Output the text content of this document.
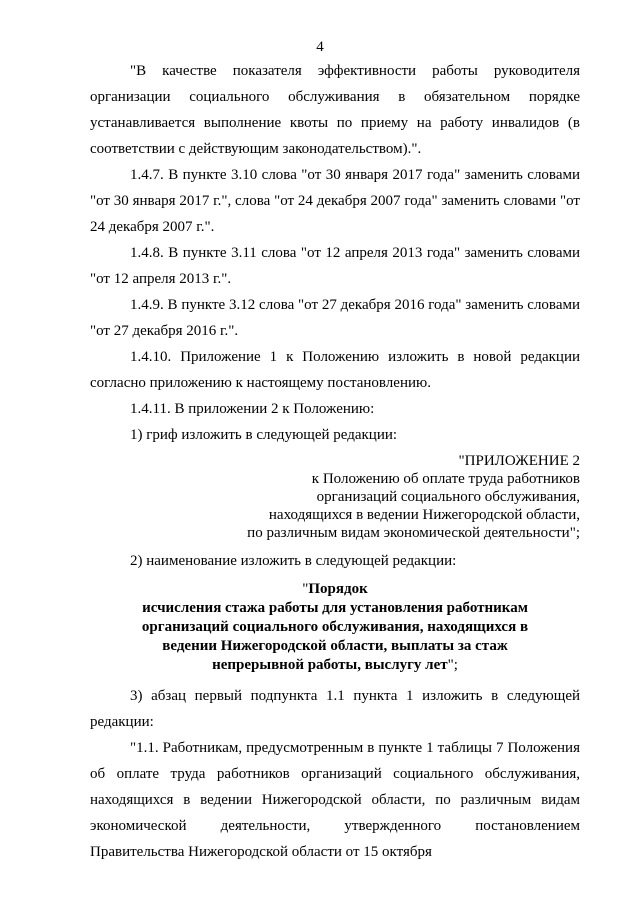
4

"В качестве показателя эффективности работы руководителя организации социального обслуживания в обязательном порядке устанавливается выполнение квоты по приему на работу инвалидов (в соответствии с действующим законодательством).".

1.4.7. В пункте 3.10 слова "от 30 января 2017 года" заменить словами "от 30 января 2017 г.", слова "от 24 декабря 2007 года" заменить словами "от 24 декабря 2007 г.".

1.4.8. В пункте 3.11 слова "от 12 апреля 2013 года" заменить словами "от 12 апреля 2013 г.".

1.4.9. В пункте 3.12 слова "от 27 декабря 2016 года" заменить словами "от 27 декабря 2016 г.".

1.4.10. Приложение 1 к Положению изложить в новой редакции согласно приложению к настоящему постановлению.

1.4.11. В приложении 2 к Положению:

1) гриф изложить в следующей редакции:

"ПРИЛОЖЕНИЕ 2
к Положению об оплате труда работников
организаций социального обслуживания,
находящихся в ведении Нижегородской области,
по различным видам экономической деятельности";

2) наименование изложить в следующей редакции:

"Порядок
исчисления стажа работы для установления работникам
организаций социального обслуживания, находящихся в
ведении Нижегородской области, выплаты за стаж
непрерывной работы, выслугу лет";

3) абзац первый подпункта 1.1 пункта 1 изложить в следующей редакции:

"1.1. Работникам, предусмотренным в пункте 1 таблицы 7 Положения об оплате труда работников организаций социального обслуживания, находящихся в ведении Нижегородской области, по различным видам экономической деятельности, утвержденного постановлением Правительства Нижегородской области от 15 октября
